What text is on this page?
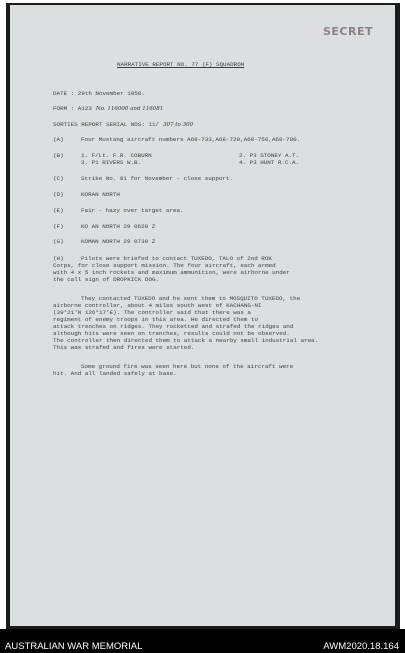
SECRET
NARRATIVE REPORT NO. 77 (F) SQUADRON
DATE : 29th November 1950.
FORM : A123 No. 116000 and 116081
SORTIES REPORT SERIAL NOS: 11/ 307 to 300
(A)	Four Mustang aircraft numbers A68-733,A68-729,A68-756,A68-780.
(B)	1. F/Lt. F.R. COBURN	2. P3 STONEY A.T.
3. P1 RIVERS W.B.	4. P3 HUNT R.C.A.
(C)	Strike No. 81 for November - close support.
(D)	KORAN NORTH
(E)	Fair - hazy over target area.
(F)	KO AN NORTH 29 0620 Z
(G)	KOMAN NORTH 29 0730 Z
(H)	Pilots were briefed to contact TUXEDO, TALO of 2nd ROK
Corps, for close support mission. The four aircraft, each armed
with 4 x 5 inch rockets and maximum ammunition, were airborne under
the call sign of DROPKICK DOG.
They contacted TUXEDO and he sent them to MOSQUITO TUXEDO, the
airborne controller, about 4 miles south west of KACHANG-NI
(39°21'N 126°17'E). The controller said that there was a
regiment of enemy troops in this area. He directed them to
attack trenches on ridges. They rocketted and strafed the ridges and
although hits were seen on trenches, results could not be observed.
The controller then directed them to attack a nearby small industrial area.
This was strafed and fires were started.
Some ground fire was seen here but none of the aircraft were
hit. And all landed safely at base.
AUSTRALIAN WAR MEMORIAL	AWM2020.18.164
